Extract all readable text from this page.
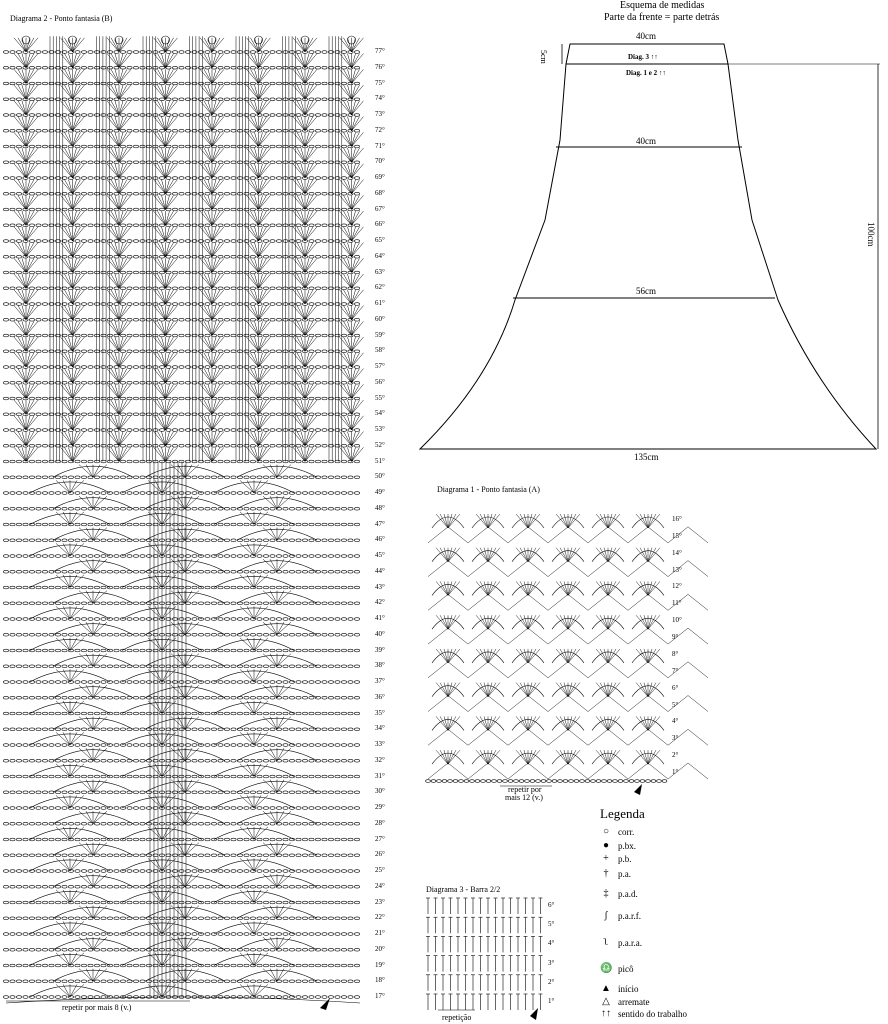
Diagrama 2 - Ponto fantasia (B)
repetir por mais 8 (v.)
77°
76°
75°
74°
73°
72°
71°
70°
69°
68°
67°
66°
65°
64°
63°
62°
61°
60°
59°
58°
57°
56°
55°
54°
53°
52°
51°
50°
49°
48°
47°
46°
45°
44°
43°
42°
41°
40°
39°
38°
37°
36°
35°
34°
33°
32°
31°
30°
29°
28°
27°
26°
25°
24°
23°
22°
21°
20°
19°
18°
17°
Esquema de medidas
Parte da frente = parte detrás
40cm
5cm	Diag. 3 ↑↑
Diag. 1 e 2 ↑↑
40cm
56cm
135cm
100cm
Diagrama 1 - Ponto fantasia (A)
repetir por
mais 12 (v.)
16°
15°
14°
13°
12°
11°
10°
9°
8°
7°
6°
5°
4°
3°
2°
1°
Diagrama 3 - Barra 2/2
repetição
6°
5°
4°
3°
2°
1°
Legenda
○ corr.
● p.bx.
+	p.b.
†	p.a.
‡	p.a.d.
ʃ	p.a.r.f.
ʅ	p.a.r.a.
♎ picô
▲ início
△ arremate
↑↑ sentido do trabalho
